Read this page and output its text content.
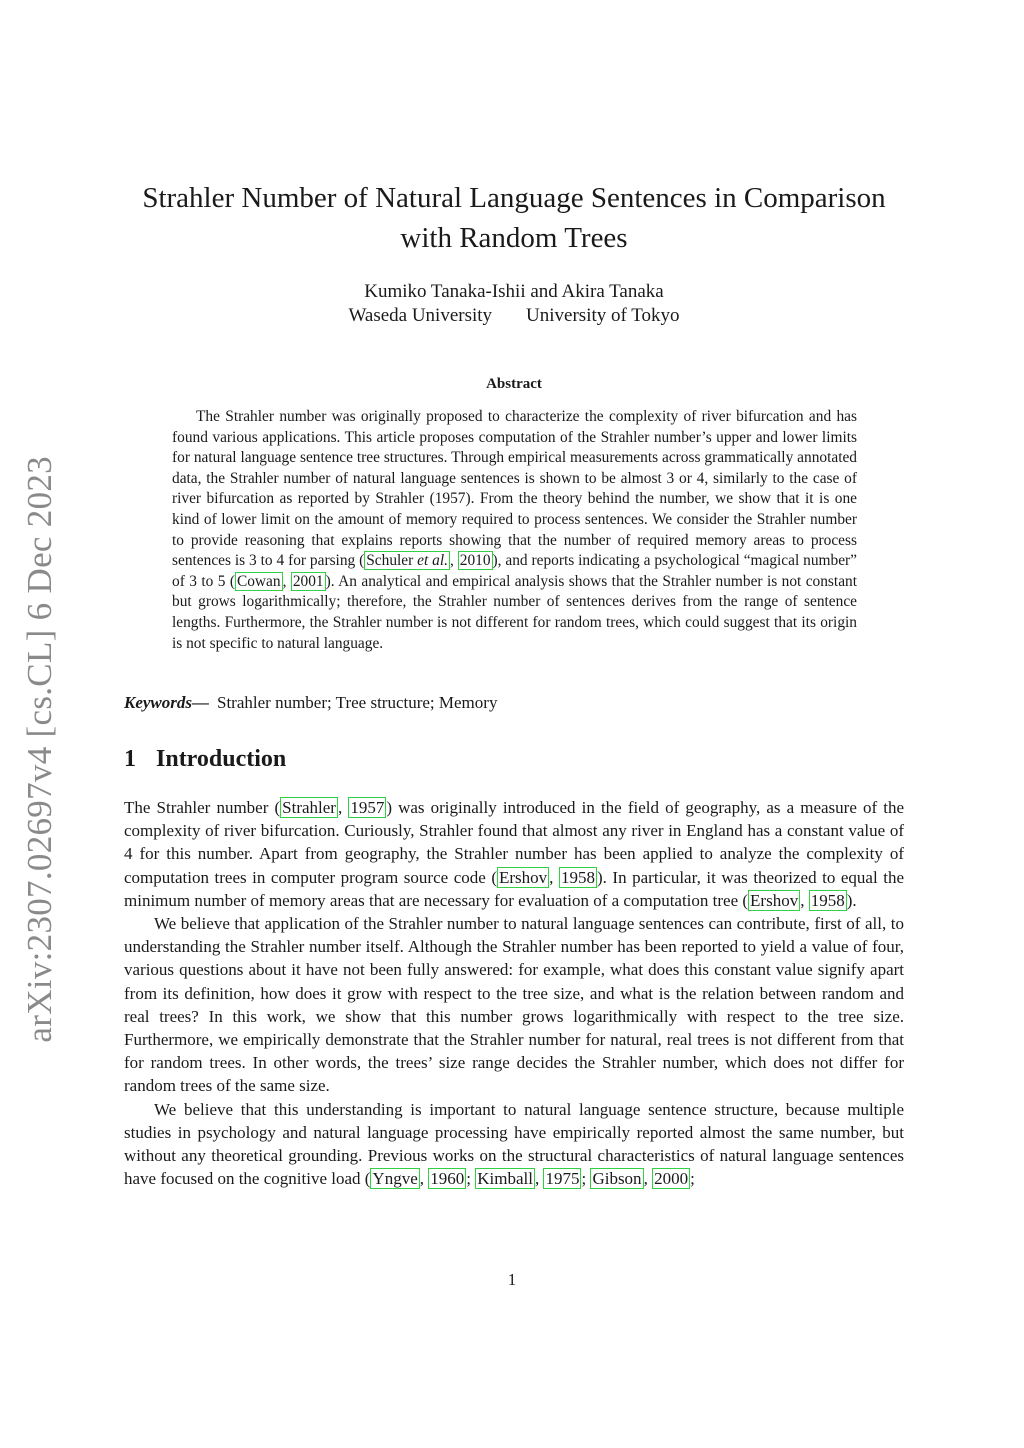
arXiv:2307.02697v4 [cs.CL] 6 Dec 2023
Strahler Number of Natural Language Sentences in Comparison
with Random Trees
Kumiko Tanaka-Ishii and Akira Tanaka
Waseda University University of Tokyo
Abstract

The Strahler number was originally proposed to characterize the complexity of river bifurcation and has found various applications. This article proposes computation of the Strahler number’s upper and lower limits for natural language sentence tree structures. Through empirical measurements across grammatically annotated data, the Strahler number of natural language sentences is shown to be almost 3 or 4, similarly to the case of river bifurcation as reported by Strahler (1957). From the theory behind the number, we show that it is one kind of lower limit on the amount of memory required to process sentences. We consider the Strahler number to provide reasoning that explains reports showing that the number of required memory areas to process sentences is 3 to 4 for parsing ( Schuler et al. , 2010 ), and reports indicating a psychological “magical number” of 3 to 5 ( Cowan , 2001 ). An analytical and empirical analysis shows that the Strahler number is not constant but grows logarithmically; therefore, the Strahler number of sentences derives from the range of sentence lengths. Furthermore, the Strahler number is not different for random trees, which could suggest that its origin is not specific to natural language.

Keywords— Strahler number; Tree structure; Memory
1 Introduction

The Strahler number ( Strahler , 1957 ) was originally introduced in the field of geography, as a measure of the complexity of river bifurcation. Curiously, Strahler found that almost any river in England has a constant value of 4 for this number. Apart from geography, the Strahler number has been applied to analyze the complexity of computation trees in computer program source code ( Ershov , 1958 ). In particular, it was theorized to equal the minimum number of memory areas that are necessary for evaluation of a computation tree ( Ershov , 1958 ).

We believe that application of the Strahler number to natural language sentences can contribute, first of all, to understanding the Strahler number itself. Although the Strahler number has been reported to yield a value of four, various questions about it have not been fully answered: for example, what does this constant value signify apart from its definition, how does it grow with respect to the tree size, and what is the relation between random and real trees? In this work, we show that this number grows logarithmically with respect to the tree size. Furthermore, we empirically demonstrate that the Strahler number for natural, real trees is not different from that for random trees. In other words, the trees’ size range decides the Strahler number, which does not differ for random trees of the same size.

We believe that this understanding is important to natural language sentence structure, because multiple studies in psychology and natural language processing have empirically reported almost the same number, but without any theoretical grounding. Previous works on the structural characteristics of natural language sentences have focused on the cognitive load ( Yngve , 1960 ; Kimball , 1975 ; Gibson , 2000 ;

1
